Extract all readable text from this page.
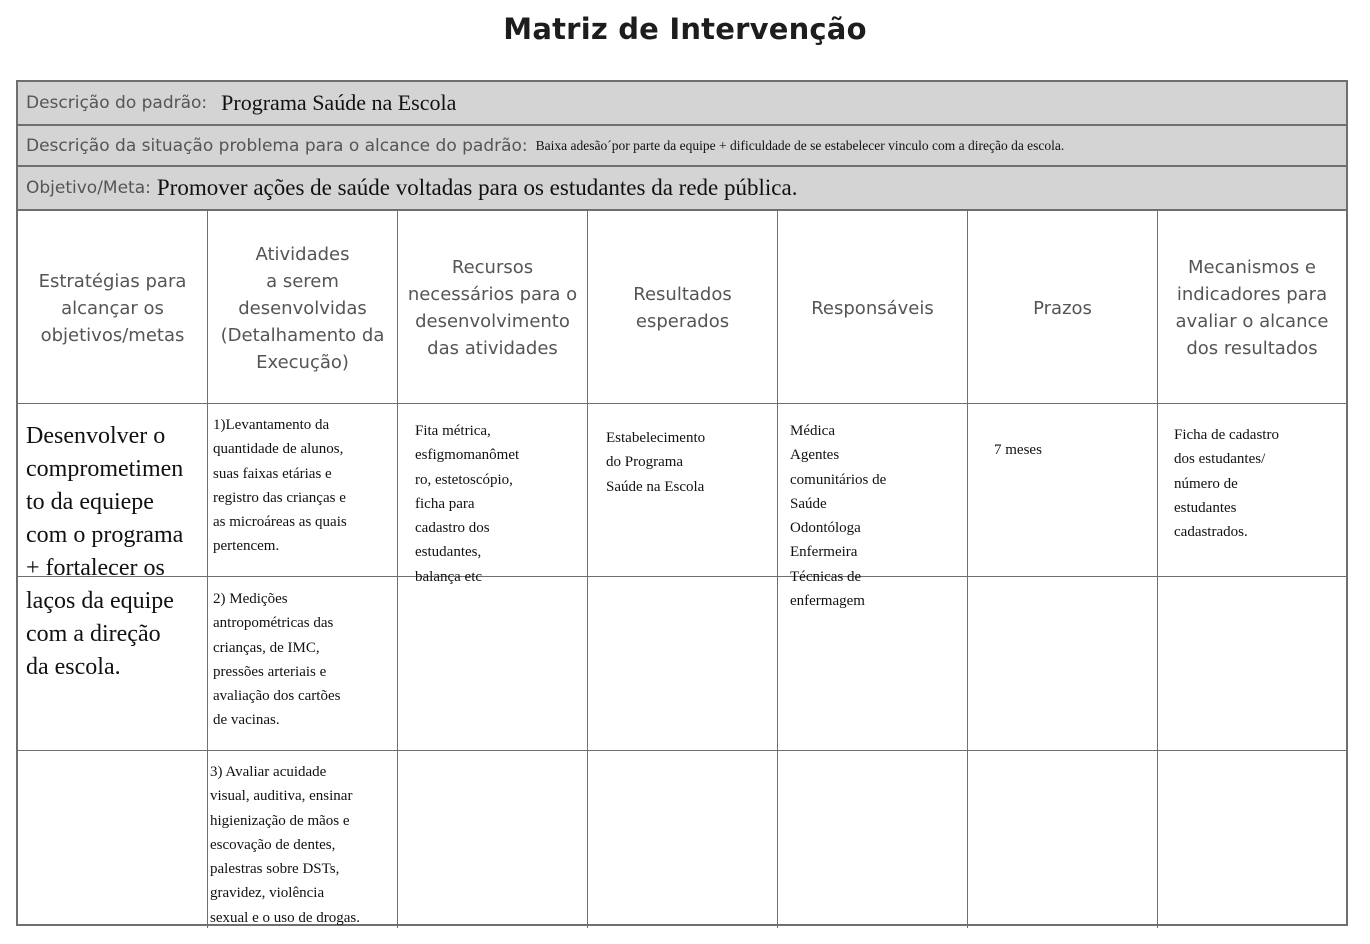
Matriz de Intervenção
Descrição do padrão: Programa Saúde na Escola
Descrição da situação problema para o alcance do padrão: Baixa adesão´por parte da equipe + dificuldade de se estabelecer vinculo com a direção da escola.
Objetivo/Meta: Promover ações de saúde voltadas para os estudantes da rede pública.
Estratégias para
alcançar os
objetivos/metas
Atividades
a serem
desenvolvidas
(Detalhamento da
Execução)
Recursos
necessários para o
desenvolvimento
das atividades
Resultados
esperados
Responsáveis	Prazos
Mecanismos e
indicadores para
avaliar o alcance
dos resultados
Desenvolver o
comprometimen
to da equiepe
com o programa
+ fortalecer os
laços da equipe
com a direção
da escola.
1)Levantamento da
quantidade de alunos,
suas faixas etárias e
registro das crianças e
as microáreas as quais
pertencem.
2) Medições
antropométricas das
crianças, de IMC,
pressões arteriais e
avaliação dos cartões
de vacinas.
3) Avaliar acuidade
visual, auditiva, ensinar
higienização de mãos e
escovação de dentes,
palestras sobre DSTs,
gravidez, violência
sexual e o uso de drogas.
Fita métrica,
esfigmomanômet
ro, estetoscópio,
ficha para
cadastro dos
estudantes,
balança etc
Estabelecimento
do Programa
Saúde na Escola
Médica
Agentes
comunitários de
Saúde
Odontóloga
Enfermeira
Técnicas de
enfermagem
7 meses
Ficha de cadastro
dos estudantes/
número de
estudantes
cadastrados.
